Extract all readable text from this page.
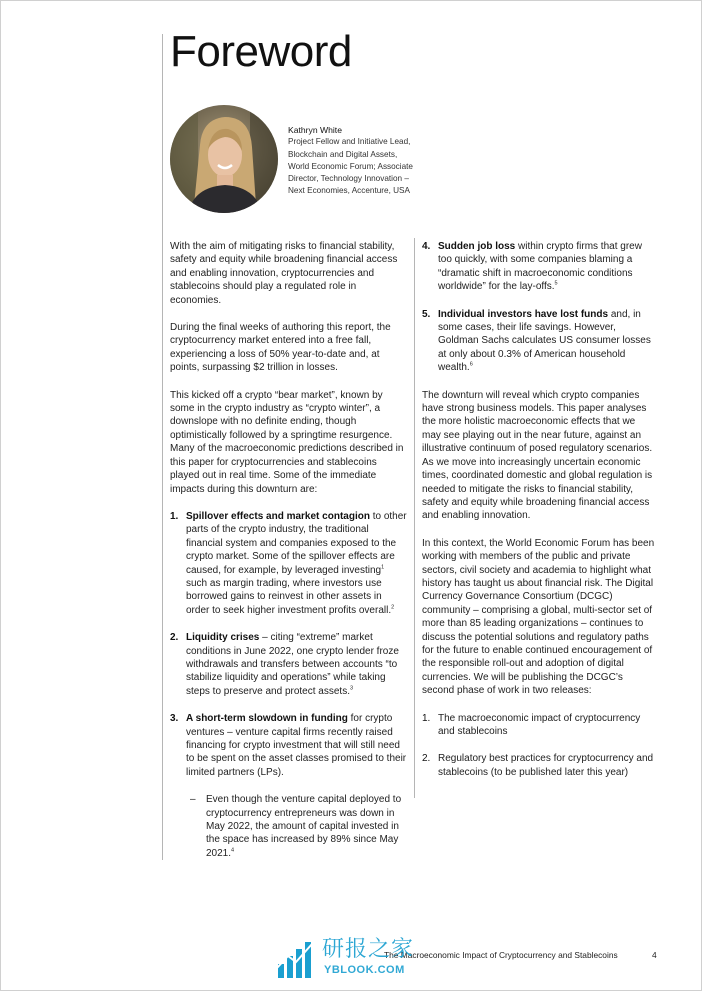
Foreword
Kathryn White
Project Fellow and Initiative Lead,
Blockchain and Digital Assets,
World Economic Forum; Associate
Director, Technology Innovation –
Next Economies, Accenture, USA

With the aim of mitigating risks to financial stability, safety and equity while broadening financial access and enabling innovation, cryptocurrencies and stablecoins should play a regulated role in economies.

During the final weeks of authoring this report, the cryptocurrency market entered into a free fall, experiencing a loss of 50% year-to-date and, at points, surpassing $2 trillion in losses.

This kicked off a crypto “bear market”, known by some in the crypto industry as “crypto winter”, a downslope with no definite ending, though optimistically followed by a springtime resurgence. Many of the macroeconomic predictions described in this paper for cryptocurrencies and stablecoins played out in real time. Some of the immediate impacts during this downturn are:

1. Spillover effects and market contagion to other parts of the crypto industry, the traditional financial system and companies exposed to the crypto market. Some of the spillover effects are caused, for example, by leveraged investing$^1$ such as margin trading, where investors use borrowed gains to reinvest in other assets in order to seek higher investment profits overall.$^2$
2. Liquidity crises – citing “extreme” market conditions in June 2022, one crypto lender froze withdrawals and transfers between accounts “to stabilize liquidity and operations” while taking steps to preserve and protect assets.$^3$
3. A short-term slowdown in funding for crypto ventures – venture capital firms recently raised financing for crypto investment that will still need to be spent on the asset classes promised to their limited partners (LPs).
– Even though the venture capital deployed to cryptocurrency entrepreneurs was down in May 2022, the amount of capital invested in the space has increased by 89% since May 2021.$^4$
4. Sudden job loss within crypto firms that grew too quickly, with some companies blaming a “dramatic shift in macroeconomic conditions worldwide” for the lay-offs.$^5$
5. Individual investors have lost funds and, in some cases, their life savings. However, Goldman Sachs calculates US consumer losses at only about 0.3% of American household wealth.$^6$

The downturn will reveal which crypto companies have strong business models. This paper analyses the more holistic macroeconomic effects that we may see playing out in the near future, against an illustrative continuum of posed regulatory scenarios. As we move into increasingly uncertain economic times, coordinated domestic and global regulation is needed to mitigate the risks to financial stability, safety and equity while broadening financial access and enabling innovation.

In this context, the World Economic Forum has been working with members of the public and private sectors, civil society and academia to highlight what history has taught us about financial risk. The Digital Currency Governance Consortium (DCGC) community – comprising a global, multi-sector set of more than 85 leading organizations – continues to discuss the potential solutions and regulatory paths for the future to enable continued encouragement of the responsible roll-out and adoption of digital currencies. We will be publishing the DCGC’s second phase of work in two releases:

1. The macroeconomic impact of cryptocurrency and stablecoins
2. Regulatory best practices for cryptocurrency and stablecoins (to be published later this year)
The Macroeconomic Impact of Cryptocurrency and Stablecoins	4
研报之家
YBLOOK.COM
